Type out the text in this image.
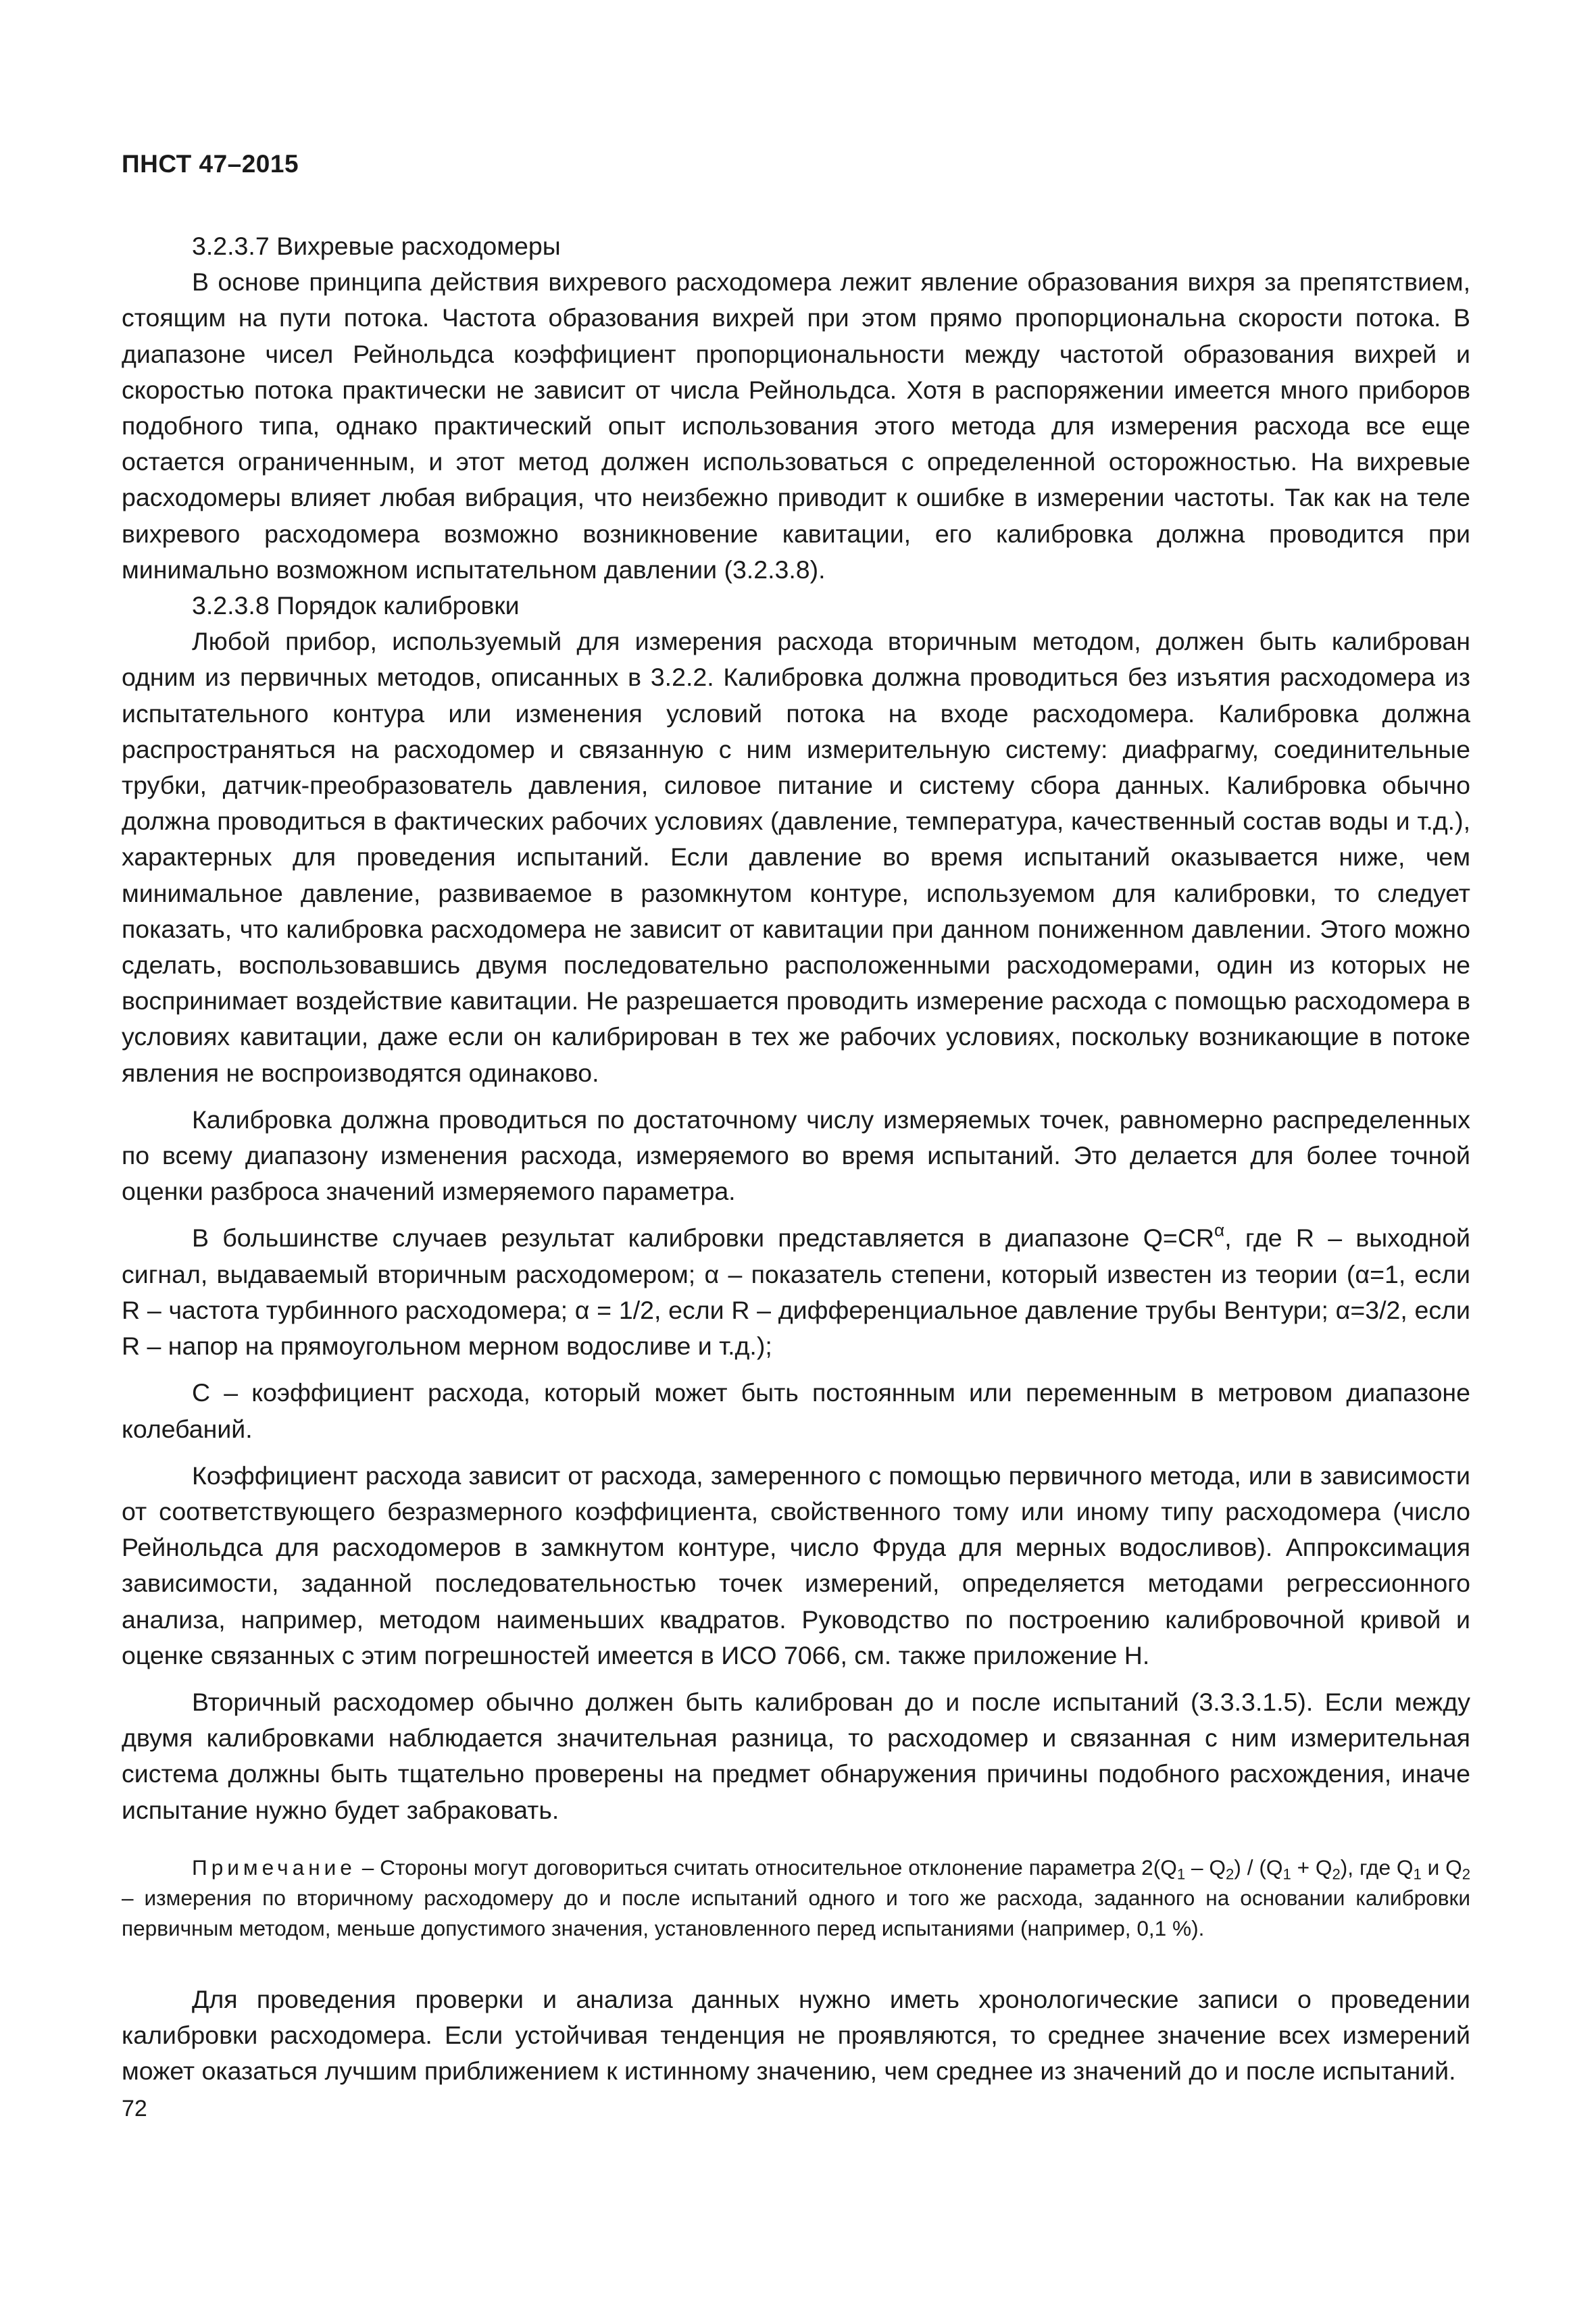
ПНСТ 47–2015

3.2.3.7 Вихревые расходомеры

В основе принципа действия вихревого расходомера лежит явление образования вихря за препятствием, стоящим на пути потока. Частота образования вихрей при этом прямо пропорциональна скорости потока. В диапазоне чисел Рейнольдса коэффициент пропорциональности между частотой образования вихрей и скоростью потока практически не зависит от числа Рейнольдса. Хотя в распоряжении имеется много приборов подобного типа, однако практический опыт использования этого метода для измерения расхода все еще остается ограниченным, и этот метод должен использоваться с определенной осторожностью. На вихревые расходомеры влияет любая вибрация, что неизбежно приводит к ошибке в измерении частоты. Так как на теле вихревого расходомера возможно возникновение кавитации, его калибровка должна проводится при минимально возможном испытательном давлении (3.2.3.8).

3.2.3.8 Порядок калибровки

Любой прибор, используемый для измерения расхода вторичным методом, должен быть калиброван одним из первичных методов, описанных в 3.2.2. Калибровка должна проводиться без изъятия расходомера из испытательного контура или изменения условий потока на входе расходомера. Калибровка должна распространяться на расходомер и связанную с ним измерительную систему: диафрагму, соединительные трубки, датчик-преобразователь давления, силовое питание и систему сбора данных. Калибровка обычно должна проводиться в фактических рабочих условиях (давление, температура, качественный состав воды и т.д.), характерных для проведения испытаний. Если давление во время испытаний оказывается ниже, чем минимальное давление, развиваемое в разомкнутом контуре, используемом для калибровки, то следует показать, что калибровка расходомера не зависит от кавитации при данном пониженном давлении. Этого можно сделать, воспользовавшись двумя последовательно расположенными расходомерами, один из которых не воспринимает воздействие кавитации. Не разрешается проводить измерение расхода с помощью расходомера в условиях кавитации, даже если он калибрирован в тех же рабочих условиях, поскольку возникающие в потоке явления не воспроизводятся одинаково.

Калибровка должна проводиться по достаточному числу измеряемых точек, равномерно распределенных по всему диапазону изменения расхода, измеряемого во время испытаний. Это делается для более точной оценки разброса значений измеряемого параметра.

В большинстве случаев результат калибровки представляется в диапазоне $Q=CR^\alpha$, где R – выходной сигнал, выдаваемый вторичным расходомером; α – показатель степени, который известен из теории (α=1, если R – частота турбинного расходомера; α = 1/2, если R – дифференциальное давление трубы Вентури; α=3/2, если R – напор на прямоугольном мерном водосливе и т.д.);

С – коэффициент расхода, который может быть постоянным или переменным в метровом диапазоне колебаний.

Коэффициент расхода зависит от расхода, замеренного с помощью первичного метода, или в зависимости от соответствующего безразмерного коэффициента, свойственного тому или иному типу расходомера (число Рейнольдса для расходомеров в замкнутом контуре, число Фруда для мерных водосливов). Аппроксимация зависимости, заданной последовательностью точек измерений, определяется методами регрессионного анализа, например, методом наименьших квадратов. Руководство по построению калибровочной кривой и оценке связанных с этим погрешностей имеется в ИСО 7066, см. также приложение Н.

Вторичный расходомер обычно должен быть калиброван до и после испытаний (3.3.3.1.5). Если между двумя калибровками наблюдается значительная разница, то расходомер и связанная с ним измерительная система должны быть тщательно проверены на предмет обнаружения причины подобного расхождения, иначе испытание нужно будет забраковать.

Примечание – Стороны могут договориться считать относительное отклонение параметра $2(Q_1 - Q_2) / (Q_1 + Q_2)$, где $Q_1$ и $Q_2$ – измерения по вторичному расходомеру до и после испытаний одного и того же расхода, заданного на основании калибровки первичным методом, меньше допустимого значения, установленного перед испытаниями (например, 0,1 %).

Для проведения проверки и анализа данных нужно иметь хронологические записи о проведении калибровки расходомера. Если устойчивая тенденция не проявляются, то среднее значение всех измерений может оказаться лучшим приближением к истинному значению, чем среднее из значений до и после испытаний.

72
